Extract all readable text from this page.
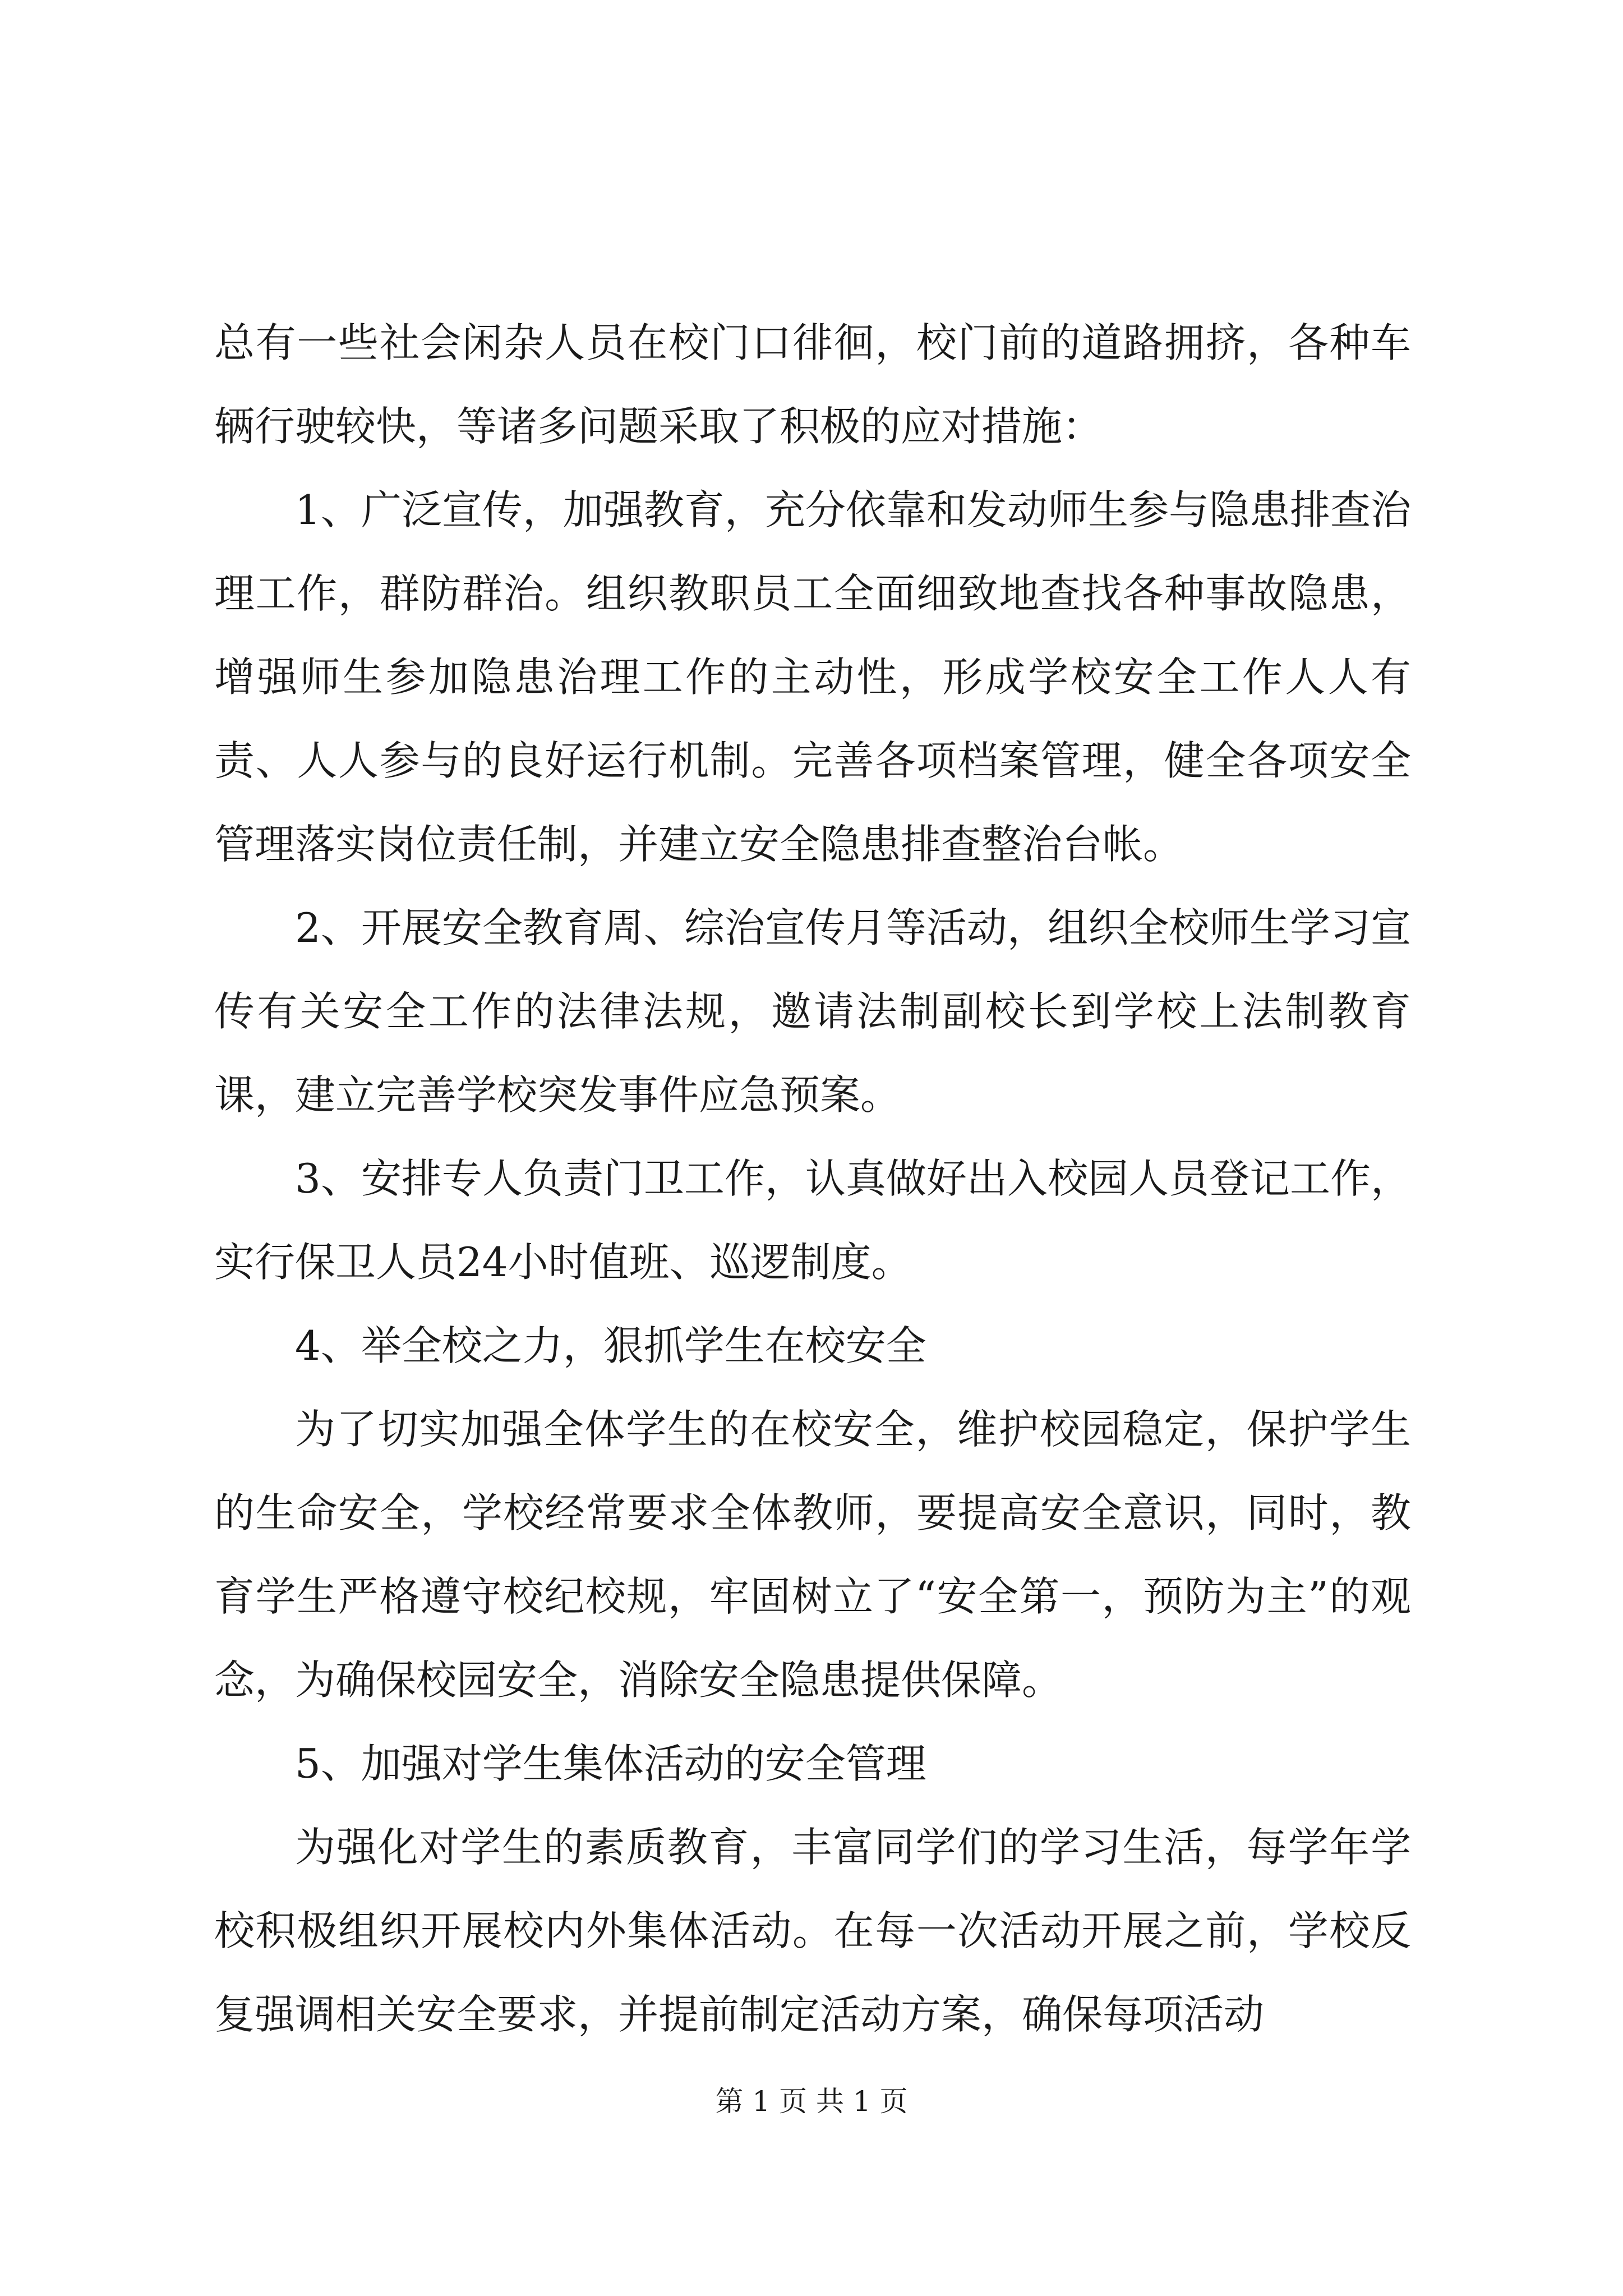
总有一些社会闲杂人员在校门口徘徊，校门前的道路拥挤，各种车辆行驶较快，等诸多问题采取了积极的应对措施：

1、广泛宣传，加强教育，充分依靠和发动师生参与隐患排查治理工作，群防群治。组织教职员工全面细致地查找各种事故隐患，增强师生参加隐患治理工作的主动性，形成学校安全工作人人有责、人人参与的良好运行机制。完善各项档案管理，健全各项安全管理落实岗位责任制，并建立安全隐患排查整治台帐。

2、开展安全教育周、综治宣传月等活动，组织全校师生学习宣传有关安全工作的法律法规，邀请法制副校长到学校上法制教育课，建立完善学校突发事件应急预案。

3、安排专人负责门卫工作，认真做好出入校园人员登记工作，实行保卫人员24小时值班、巡逻制度。

4、举全校之力，狠抓学生在校安全

为了切实加强全体学生的在校安全，维护校园稳定，保护学生的生命安全，学校经常要求全体教师，要提高安全意识，同时，教育学生严格遵守校纪校规，牢固树立了“安全第一，预防为主”的观念，为确保校园安全，消除安全隐患提供保障。

5、加强对学生集体活动的安全管理

为强化对学生的素质教育，丰富同学们的学习生活，每学年学校积极组织开展校内外集体活动。在每一次活动开展之前，学校反复强调相关安全要求，并提前制定活动方案，确保每项活动

第 1 页 共 1 页
